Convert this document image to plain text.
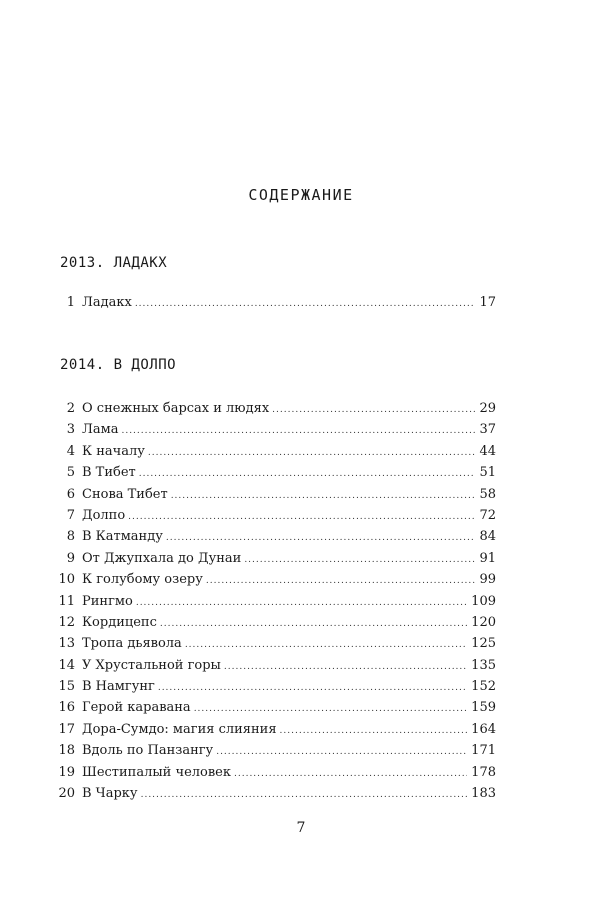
СОДЕРЖАНИЕ
2013. ЛАДАКХ
1 Ладакх .....	17
2014. В ДОЛПО
2 О снежных барсах и людях .....	29
3 Лама .....	37
4 К началу .....	44
5 В Тибет .....	51
6 Снова Тибет .....	58
7 Долпо .....	72
8 В Катманду .....	84
9 От Джупхала до Дунаи .....	91
10 К голубому озеру .....	99
11 Рингмо .....	109
12 Кордицепс .....	120
13 Тропа дьявола .....	125
14 У Хрустальной горы .....	135
15 В Намгунг .....	152
16 Герой каравана .....	159
17 Дора-Сумдо: магия слияния .....	164
18 Вдоль по Панзангу .....	171
19 Шестипалый человек .....	178
20 В Чарку .....	183
7
